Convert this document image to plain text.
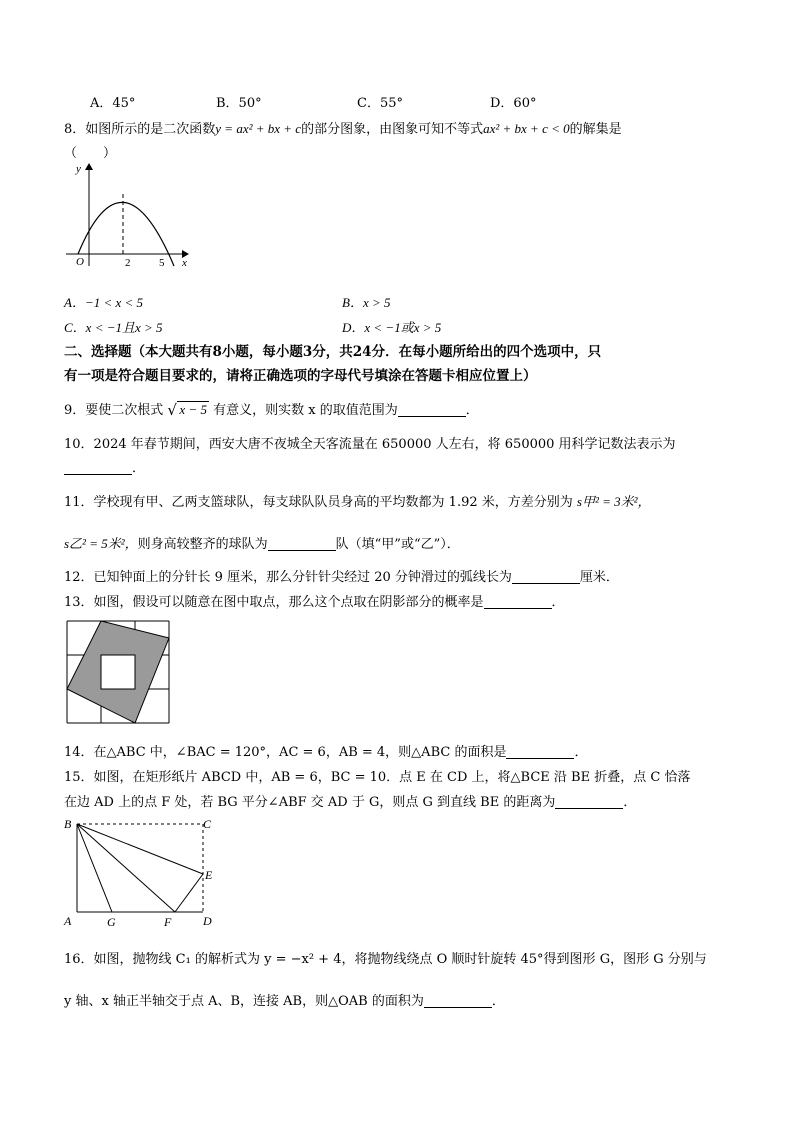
A．45°	B．50°	C．55°	D．60°
8．如图所示的是二次函数y = ax² + bx + c的部分图象，由图象可知不等式ax² + bx + c < 0的解集是
（　　）
y
x
O	2	5
A．−1 < x < 5	B．x > 5
C．x < −1且x > 5	D．x < −1或x > 5
二、选择题（本大题共有8小题，每小题3分，共24分．在每小题所给出的四个选项中，只
有一项是符合题目要求的，请将正确选项的字母代号填涂在答题卡相应位置上）
9．要使二次根式 √ x − 5 有意义，则实数 x 的取值范围为	．
10．2024 年春节期间，西安大唐不夜城全天客流量在 650000 人左右，将 650000 用科学记数法表示为
．
11．学校现有甲、乙两支篮球队，每支球队队员身高的平均数都为 1.92 米，方差分别为 s甲² = 3米²，
s乙² = 5米²，则身高较整齐的球队为	队（填“甲”或“乙”）．
12．已知钟面上的分针长 9 厘米，那么分针针尖经过 20 分钟滑过的弧线长为	厘米．
13．如图，假设可以随意在图中取点，那么这个点取在阴影部分的概率是	．
14．在△ABC 中，∠BAC = 120°，AC = 6，AB = 4，则△ABC 的面积是	．
15．如图，在矩形纸片 ABCD 中，AB = 6，BC = 10．点 E 在 CD 上，将△BCE 沿 BE 折叠，点 C 恰落
在边 AD 上的点 F 处，若 BG 平分∠ABF 交 AD 于 G，则点 G 到直线 BE 的距离为	．
B	C
E
A	G	F	D
16．如图，抛物线 C₁ 的解析式为 y = −x² + 4，将抛物线绕点 O 顺时针旋转 45°得到图形 G，图形 G 分别与
y 轴、x 轴正半轴交于点 A、B，连接 AB，则△OAB 的面积为	．
